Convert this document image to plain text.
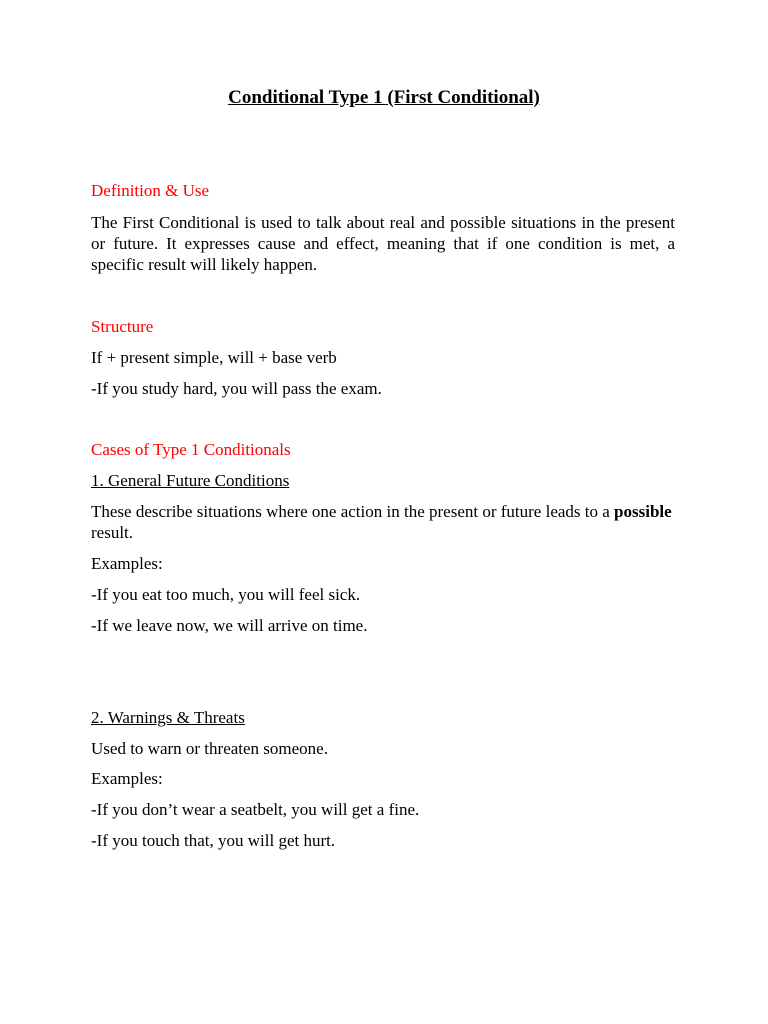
Conditional Type 1 (First Conditional)
Definition & Use
The First Conditional is used to talk about real and possible situations in the present or future. It expresses cause and effect, meaning that if one condition is met, a specific result will likely happen.
Structure
If + present simple, will + base verb
-If you study hard, you will pass the exam.
Cases of Type 1 Conditionals
1. General Future Conditions
These describe situations where one action in the present or future leads to a possible result.
Examples:
-If you eat too much, you will feel sick.
-If we leave now, we will arrive on time.
2. Warnings & Threats
Used to warn or threaten someone.
Examples:
-If you don’t wear a seatbelt, you will get a fine.
-If you touch that, you will get hurt.
